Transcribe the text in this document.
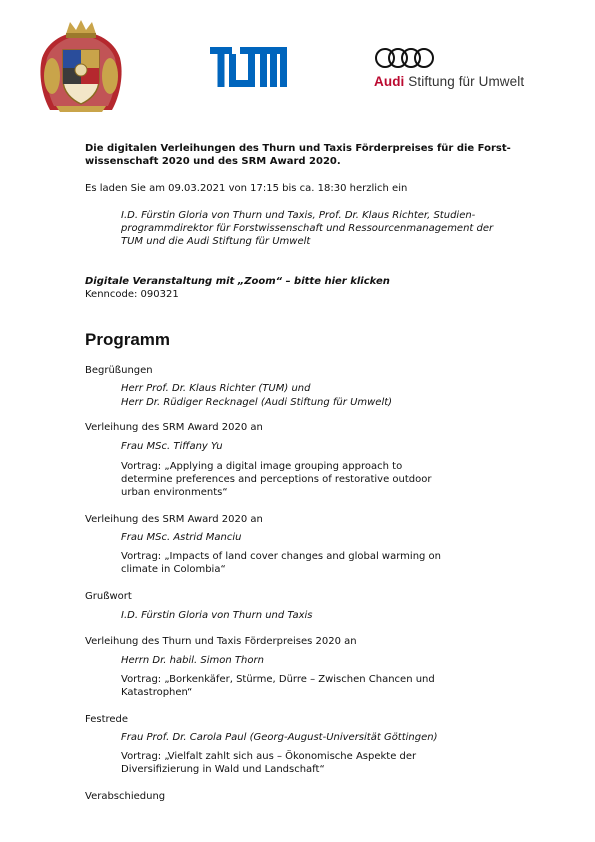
Audi Stiftung für Umwelt
Die digitalen Verleihungen des Thurn und Taxis Förderpreises für die Forst-
wissenschaft 2020 und des SRM Award 2020.
Es laden Sie am 09.03.2021 von 17:15 bis ca. 18:30 herzlich ein
I.D. Fürstin Gloria von Thurn und Taxis, Prof. Dr. Klaus Richter, Studien-
programmdirektor für Forstwissenschaft und Ressourcenmanagement der
TUM und die Audi Stiftung für Umwelt
Digitale Veranstaltung mit „Zoom“ – bitte hier klicken
Kenncode: 090321
Programm
Begrüßungen
Herr Prof. Dr. Klaus Richter (TUM) und
Herr Dr. Rüdiger Recknagel (Audi Stiftung für Umwelt)
Verleihung des SRM Award 2020 an
Frau MSc. Tiffany Yu
Vortrag: „Applying a digital image grouping approach to
determine preferences and perceptions of restorative outdoor
urban environments“
Verleihung des SRM Award 2020 an
Frau MSc. Astrid Manciu
Vortrag: „Impacts of land cover changes and global warming on
climate in Colombia“
Grußwort
I.D. Fürstin Gloria von Thurn und Taxis
Verleihung des Thurn und Taxis Förderpreises 2020 an
Herrn Dr. habil. Simon Thorn
Vortrag: „Borkenkäfer, Stürme, Dürre – Zwischen Chancen und
Katastrophen“
Festrede
Frau Prof. Dr. Carola Paul (Georg-August-Universität Göttingen)
Vortrag: „Vielfalt zahlt sich aus – Ökonomische Aspekte der
Diversifizierung in Wald und Landschaft“
Verabschiedung
